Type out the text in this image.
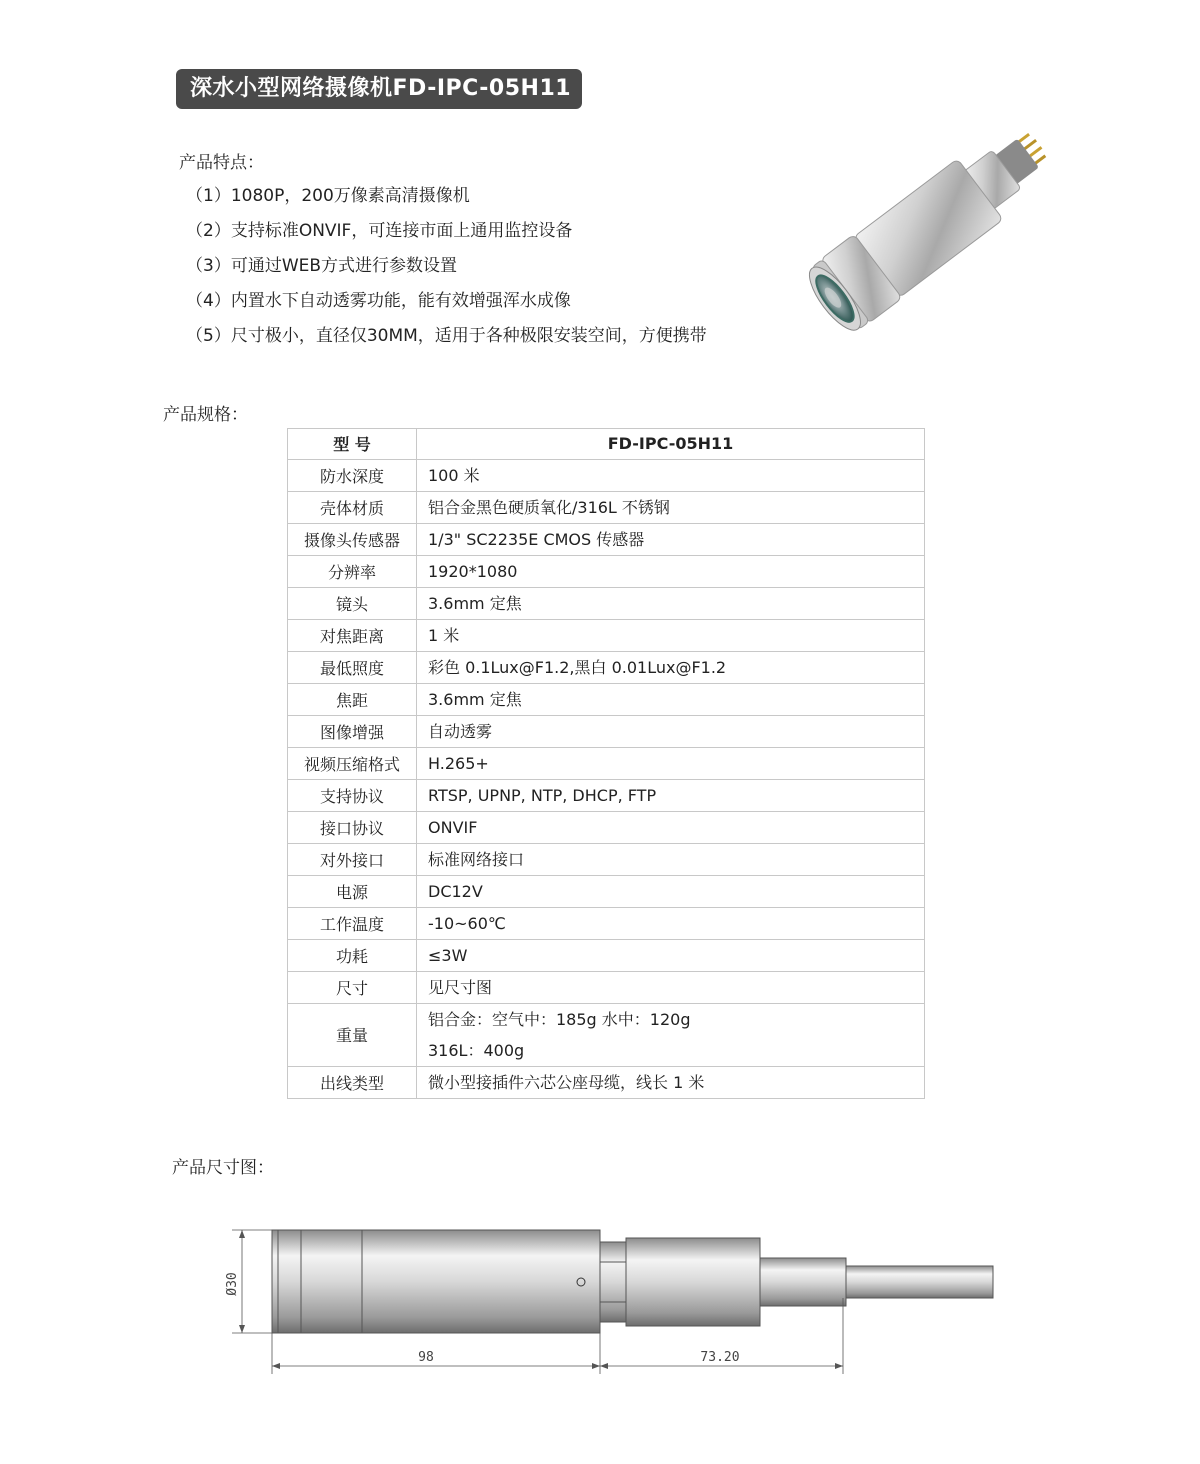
深水小型网络摄像机FD-IPC-05H11
产品特点：
（1）1080P，200万像素高清摄像机
（2）支持标准ONVIF，可连接市面上通用监控设备
（3）可通过WEB方式进行参数设置
（4）内置水下自动透雾功能，能有效增强浑水成像
（5）尺寸极小，直径仅30MM，适用于各种极限安装空间，方便携带
产品规格：
型 号	FD-IPC-05H11
防水深度	100 米

壳体材质	铝合金黑色硬质氧化/316L 不锈钢

摄像头传感器	1/3" SC2235E CMOS 传感器

分辨率	1920*1080

镜头	3.6mm 定焦

对焦距离	1 米

最低照度	彩色 0.1Lux@F1.2,黑白 0.01Lux@F1.2

焦距	3.6mm 定焦

图像增强	自动透雾

视频压缩格式	H.265+

支持协议	RTSP, UPNP, NTP, DHCP, FTP

接口协议	ONVIF

对外接口	标准网络接口

电源	DC12V

工作温度	-10~60℃

功耗	≤3W

尺寸	见尺寸图

重量	铝合金：空气中：185g 水中：120g
316L：400g

出线类型	微小型接插件六芯公座母缆，线长 1 米
产品尺寸图：
Ø30
98	73.20
